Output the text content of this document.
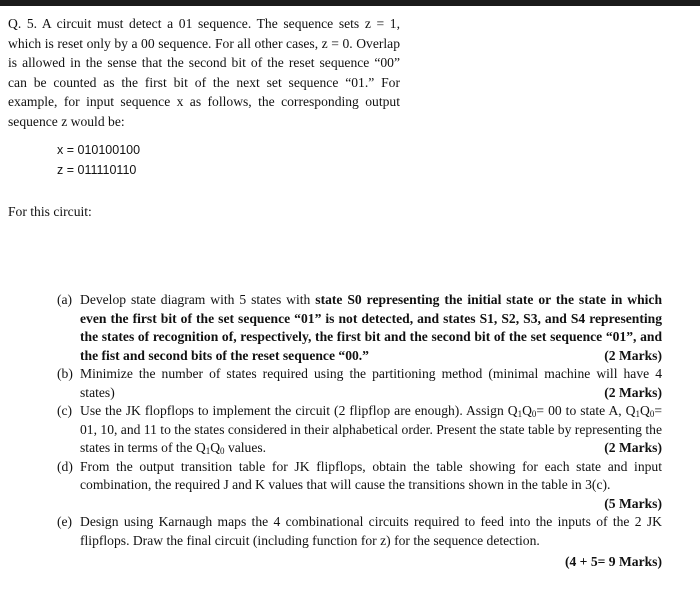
Q. 5. A circuit must detect a 01 sequence. The sequence sets z = 1, which is reset only by a 00 sequence. For all other cases, z = 0. Overlap is allowed in the sense that the second bit of the reset sequence “00” can be counted as the first bit of the next set sequence “01.” For example, for input sequence x as follows, the corresponding output sequence z would be:
x = 010100100
z = 011110110
For this circuit:
(a) Develop state diagram with 5 states with state S0 representing the initial state or the state in which even the first bit of the set sequence “01” is not detected, and states S1, S2, S3, and S4 representing the states of recognition of, respectively, the first bit and the second bit of the set sequence “01”, and the fist and second bits of the reset sequence “00.”	(2 Marks)
(b) Minimize the number of states required using the partitioning method (minimal machine will have 4 states)	(2 Marks)
(c) Use the JK flopflops to implement the circuit (2 flipflop are enough). Assign $Q_1Q_0= 00$ to state A, $Q_1Q_0= 01$, 10, and 11 to the states considered in their alphabetical order. Present the state table by representing the states in terms of the $Q_1Q_0$ values.	(2 Marks)
(d) From the output transition table for JK flipflops, obtain the table showing for each state and input combination, the required J and K values that will cause the transitions shown in the table in 3(c).
(5 Marks)
(e) Design using Karnaugh maps the 4 combinational circuits required to feed into the inputs of the 2 JK flipflops. Draw the final circuit (including function for z) for the sequence detection.
(4 + 5= 9 Marks)
